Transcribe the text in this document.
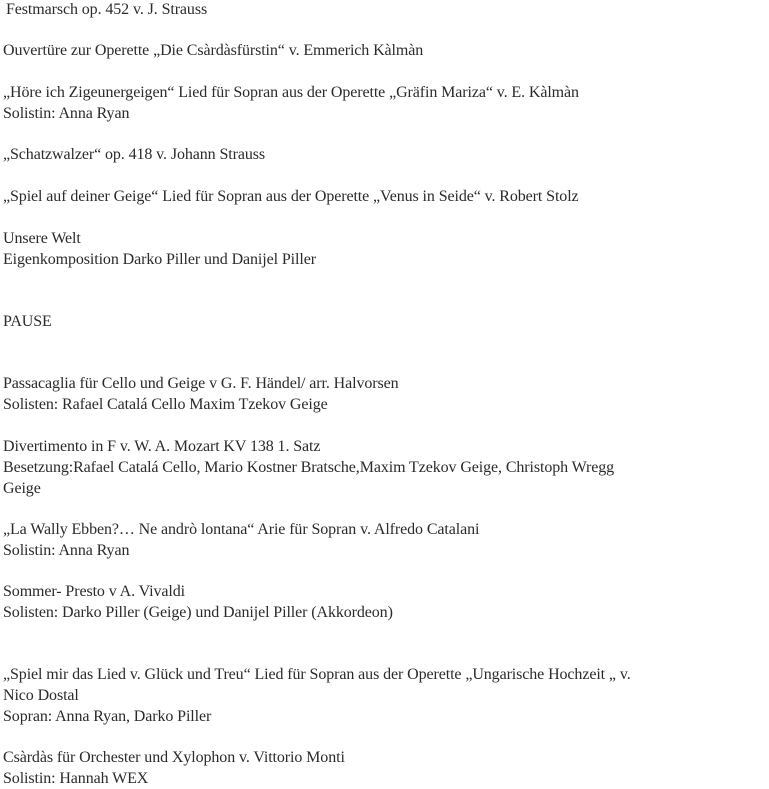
Festmarsch op. 452 v. J. Strauss
Ouvertüre zur Operette „Die Csàrdàsfürstin“ v. Emmerich Kàlmàn
„Höre ich Zigeunergeigen“ Lied für Sopran aus der Operette „Gräfin Mariza“ v. E. Kàlmàn
Solistin: Anna Ryan
„Schatzwalzer“ op. 418 v. Johann Strauss
„Spiel auf deiner Geige“ Lied für Sopran aus der Operette „Venus in Seide“ v. Robert Stolz
Unsere Welt
Eigenkomposition Darko Piller und Danijel Piller
PAUSE
Passacaglia für Cello und Geige v G. F. Händel/ arr. Halvorsen
Solisten: Rafael Catalá Cello Maxim Tzekov Geige
Divertimento in F v. W. A. Mozart KV 138 1. Satz
Besetzung:Rafael Catalá Cello, Mario Kostner Bratsche,Maxim Tzekov Geige, Christoph Wregg
Geige
„La Wally Ebben?… Ne andrò lontana“ Arie für Sopran v. Alfredo Catalani
Solistin: Anna Ryan
Sommer- Presto v A. Vivaldi
Solisten: Darko Piller (Geige) und Danijel Piller (Akkordeon)
„Spiel mir das Lied v. Glück und Treu“ Lied für Sopran aus der Operette „Ungarische Hochzeit „ v.
Nico Dostal
Sopran: Anna Ryan, Darko Piller
Csàrdàs für Orchester und Xylophon v. Vittorio Monti
Solistin: Hannah WEX
